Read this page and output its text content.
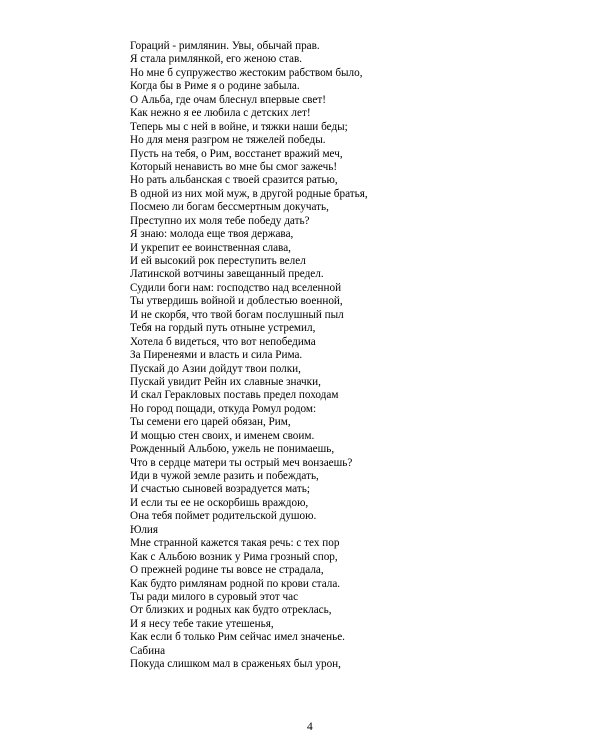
Гораций - римлянин. Увы, обычай прав.
Я стала римлянкой, его женою став.
Но мне б супружество жестоким рабством было,
Когда бы в Риме я о родине забыла.
О Альба, где очам блеснул впервые свет!
Как нежно я ее любила с детских лет!
Теперь мы с ней в войне, и тяжки наши беды;
Но для меня разгром не тяжелей победы.
Пусть на тебя, о Рим, восстанет вражий меч,
Который ненависть во мне бы смог зажечь!
Но рать альбанская с твоей сразится ратью,
В одной из них мой муж, в другой родные братья,
Посмею ли богам бессмертным докучать,
Преступно их моля тебе победу дать?
Я знаю: молода еще твоя держава,
И укрепит ее воинственная слава,
И ей высокий рок переступить велел
Латинской вотчины завещанный предел.
Судили боги нам: господство над вселенной
Ты утвердишь войной и доблестью военной,
И не скорбя, что твой богам послушный пыл
Тебя на гордый путь отныне устремил,
Хотела б видеться, что вот непобедима
За Пиренеями и власть и сила Рима.
Пускай до Азии дойдут твои полки,
Пускай увидит Рейн их славные значки,
И скал Геракловых поставь предел походам
Но город пощади, откуда Ромул родом:
Ты семени его царей обязан, Рим,
И мощью стен своих, и именем своим.
Рожденный Альбою, ужель не понимаешь,
Что в сердце матери ты острый меч вонзаешь?
Иди в чужой земле разить и побеждать,
И счастью сыновей возрадуется мать;
И если ты ее не оскорбишь враждою,
Она тебя поймет родительской душою.
Юлия
Мне странной кажется такая речь: с тех пор
Как с Альбою возник у Рима грозный спор,
О прежней родине ты вовсе не страдала,
Как будто римлянам родной по крови стала.
Ты ради милого в суровый этот час
От близких и родных как будто отреклась,
И я несу тебе такие утешенья,
Как если б только Рим сейчас имел значенье.
Сабина
Покуда слишком мал в сраженьях был урон,
4
